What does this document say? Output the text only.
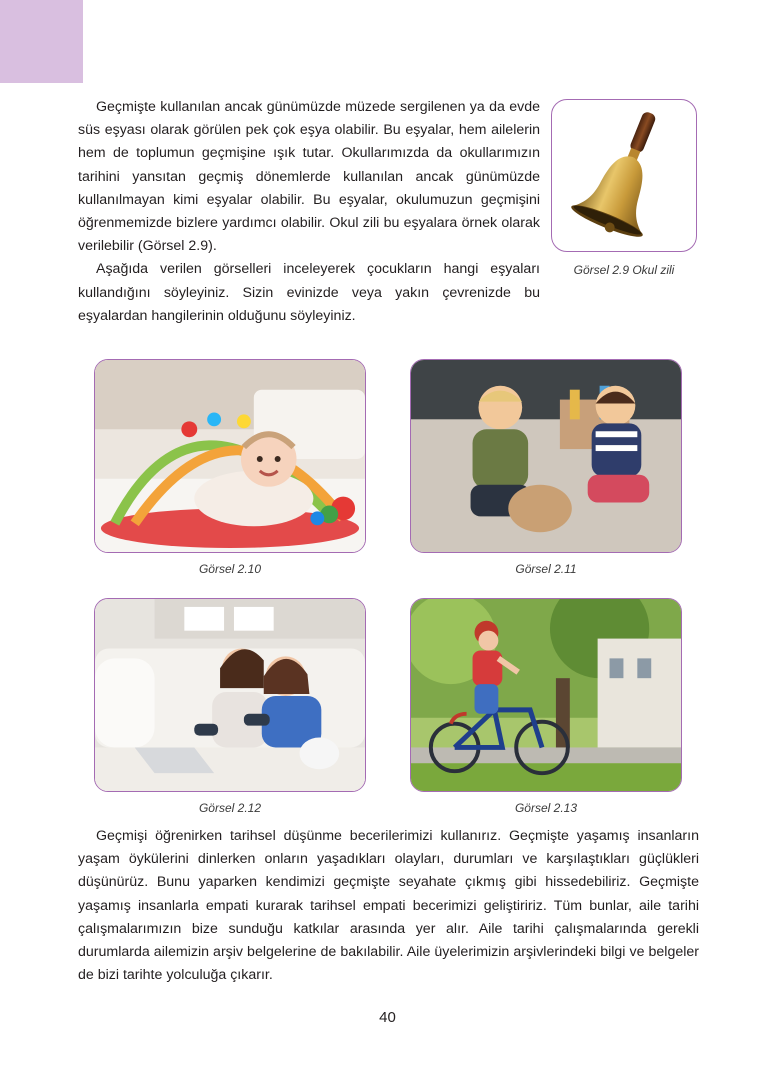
Geçmişte kullanılan ancak günümüzde müzede sergilenen ya da evde süs eşyası olarak görülen pek çok eşya olabilir. Bu eşyalar, hem ailelerin hem de toplumun geçmişine ışık tutar. Okullarımızda da okullarımızın tarihini yansıtan geçmiş dönemlerde kullanılan ancak günümüzde kullanılmayan kimi eşyalar olabilir. Bu eşyalar, okulumuzun geçmişini öğrenmemizde bizlere yardımcı olabilir. Okul zili bu eşyalara örnek olarak verilebilir (Görsel 2.9).

Aşağıda verilen görselleri inceleyerek çocukların hangi eşyaları kullandığını söyleyiniz. Sizin evinizde veya yakın çevrenizde bu eşyalardan hangilerinin olduğunu söyleyiniz.

Görsel 2.9 Okul zili
Görsel 2.10	Görsel 2.11
Görsel 2.12	Görsel 2.13

Geçmişi öğrenirken tarihsel düşünme becerilerimizi kullanırız. Geçmişte yaşamış insanların yaşam öykülerini dinlerken onların yaşadıkları olayları, durumları ve karşılaştıkları güçlükleri düşünürüz. Bunu yaparken kendimizi geçmişte seyahate çıkmış gibi hissedebiliriz. Geçmişte yaşamış insanlarla empati kurarak tarihsel empati becerimizi geliştiririz. Tüm bunlar, aile tarihi çalışmalarımızın bize sunduğu katkılar arasında yer alır. Aile tarihi çalışmalarında gerekli durumlarda ailemizin arşiv belgelerine de bakılabilir. Aile üyelerimizin arşivlerindeki bilgi ve belgeler de bizi tarihte yolculuğa çıkarır.

40
